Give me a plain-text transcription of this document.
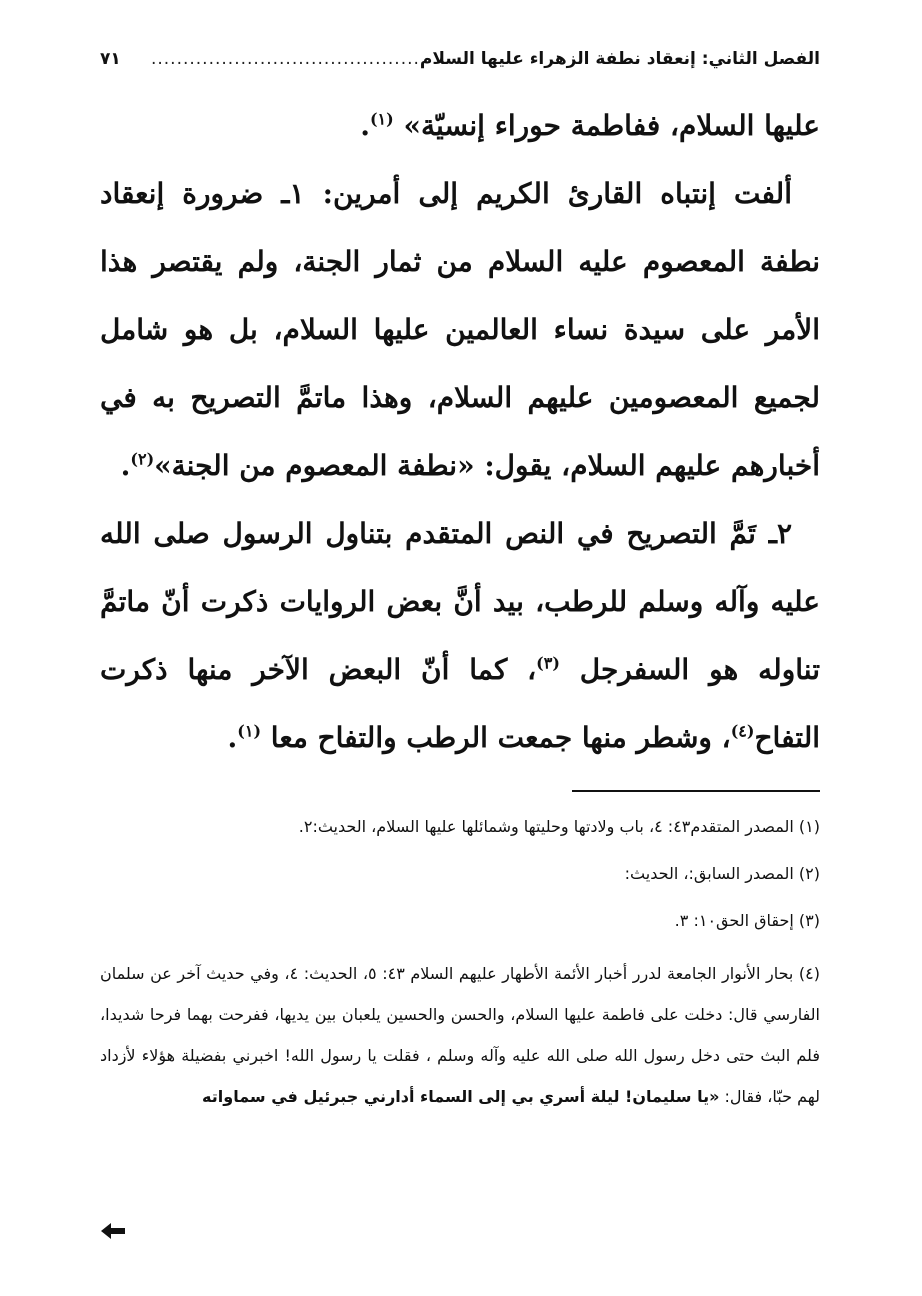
الفصل الثاني: إنعقاد نطفة الزهراء عليها السلام
..........................................
٧١

عليها السلام، ففاطمة حوراء إنسيّة» $^{(١)}$.

ألفت إنتباه القارئ الكريم إلى أمرين: ١ـ ضرورة إنعقاد نطفة المعصوم عليه السلام من ثمار الجنة، ولم يقتصر هذا الأمر على سيدة نساء العالمين عليها السلام، بل هو شامل لجميع المعصومين عليهم السلام، وهذا ماتمَّ التصريح به في أخبارهم عليهم السلام، يقول: «نطفة المعصوم من الجنة»$^{(٢)}$.

٢ـ تَمَّ التصريح في النص المتقدم بتناول الرسول صلى الله عليه وآله وسلم للرطب، بيد أنَّ بعض الروايات ذكرت أنّ ماتمَّ تناوله هو السفرجل $^{(٣)}$، كما أنّ البعض الآخر منها ذكرت التفاح$^{(٤)}$، وشطر منها جمعت الرطب والتفاح معا $^{(١)}$.

(١) المصدر المتقدم٤٣: ٤، باب ولادتها وحليتها وشمائلها عليها السلام، الحديث:٢.

(٢) المصدر السابق:، الحديث:

(٣) إحقاق الحق١٠: ٣.

(٤) بحار الأنوار الجامعة لدرر أخبار الأئمة الأطهار عليهم السلام ٤٣: ٥، الحديث: ٤، وفي حديث آخر عن سلمان الفارسي قال: دخلت على فاطمة عليها السلام، والحسن والحسين يلعبان بين يديها، ففرحت بهما فرحا شديدا، فلم البث حتى دخل رسول الله صلى الله عليه وآله وسلم ، فقلت يا رسول الله! اخبرني بفضيلة هؤلاء لأزداد لهم حبّا، فقال: «يا سليمان! ليلة أسري بي إلى السماء أدارني جبرئيل في سماواته
